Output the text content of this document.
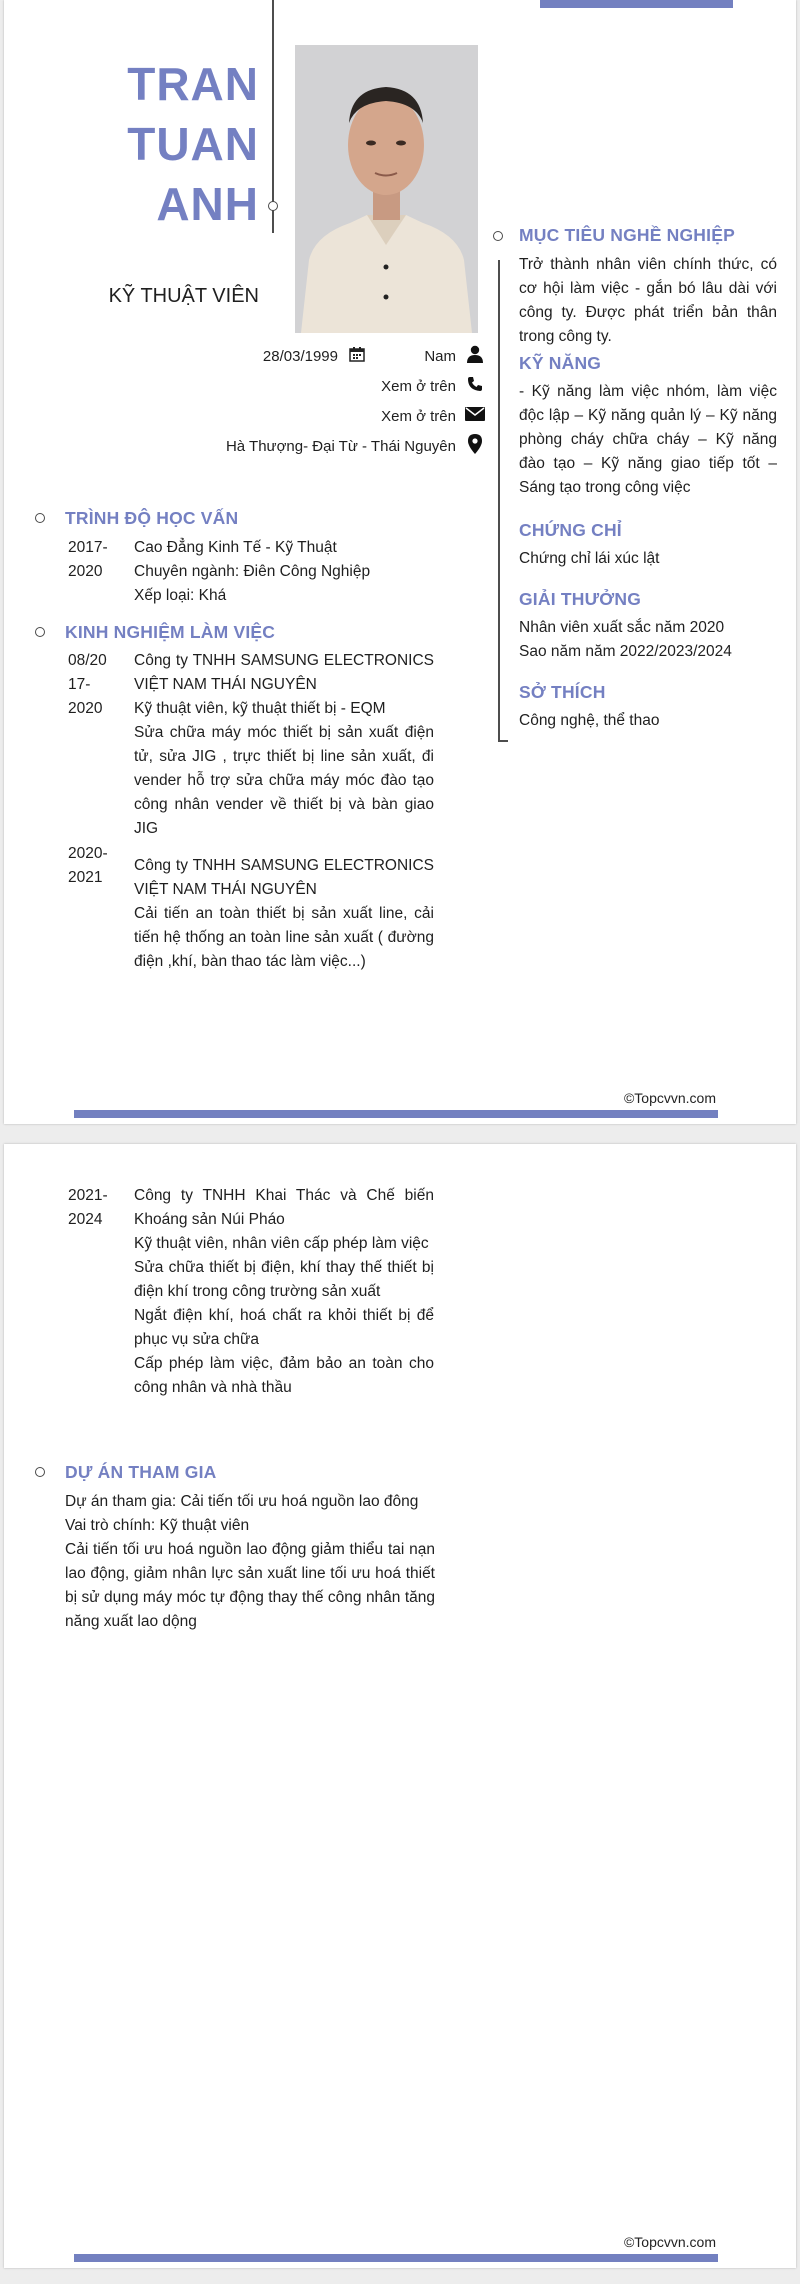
TRAN
TUAN
ANH
KỸ THUẬT VIÊN
28/03/1999	Nam
Xem ở trên
Xem ở trên
Hà Thượng- Đại Từ - Thái Nguyên
TRÌNH ĐỘ HỌC VẤN
2017-
2020
Cao Đẳng Kinh Tế - Kỹ Thuật
Chuyên ngành: Điên Công Nghiệp
Xếp loại: Khá
KINH NGHIỆM LÀM VIỆC
08/20
17-
2020
Công ty TNHH SAMSUNG ELECTRONICS VIỆT NAM THÁI NGUYÊN
Kỹ thuật viên, kỹ thuật thiết bị - EQM
Sửa chữa máy móc thiết bị sản xuất điện tử, sửa JIG , trực thiết bị line sản xuất, đi vender hỗ trợ sửa chữa máy móc đào tạo công nhân vender về thiết bị và bàn giao JIG
2020-
2021
Công ty TNHH SAMSUNG ELECTRONICS VIỆT NAM THÁI NGUYÊN
Cải tiến an toàn thiết bị sản xuất line, cải tiến hệ thống an toàn line sản xuất ( đường điện ,khí, bàn thao tác làm việc...)
MỤC TIÊU NGHỀ NGHIỆP
Trở thành nhân viên chính thức, có cơ hội làm việc - gắn bó lâu dài với công ty. Được phát triển bản thân trong công ty.
KỸ NĂNG
- Kỹ năng làm việc nhóm, làm việc độc lập – Kỹ năng quản lý – Kỹ năng phòng cháy chữa cháy – Kỹ năng đào tạo – Kỹ năng giao tiếp tốt – Sáng tạo trong công việc
CHỨNG CHỈ
Chứng chỉ lái xúc lật
GIẢI THƯỞNG
Nhân viên xuất sắc năm 2020
Sao năm năm 2022/2023/2024
SỞ THÍCH
Công nghệ, thể thao
©Topcvvn.com
2021-
2024
Công ty TNHH Khai Thác và Chế biến Khoáng sản Núi Pháo
Kỹ thuật viên, nhân viên cấp phép làm việc
Sửa chữa thiết bị điện, khí thay thế thiết bị điện khí trong công trường sản xuất
Ngắt điện khí, hoá chất ra khỏi thiết bị để phục vụ sửa chữa
Cấp phép làm việc, đảm bảo an toàn cho công nhân và nhà thầu
DỰ ÁN THAM GIA
Dự án tham gia: Cải tiến tối ưu hoá nguồn lao đông
Vai trò chính: Kỹ thuật viên
Cải tiến tối ưu hoá nguồn lao động giảm thiểu tai nạn lao động, giảm nhân lực sản xuất line tối ưu hoá thiết bị sử dụng máy móc tự động thay thế công nhân tăng năng xuất lao dộng
©Topcvvn.com
